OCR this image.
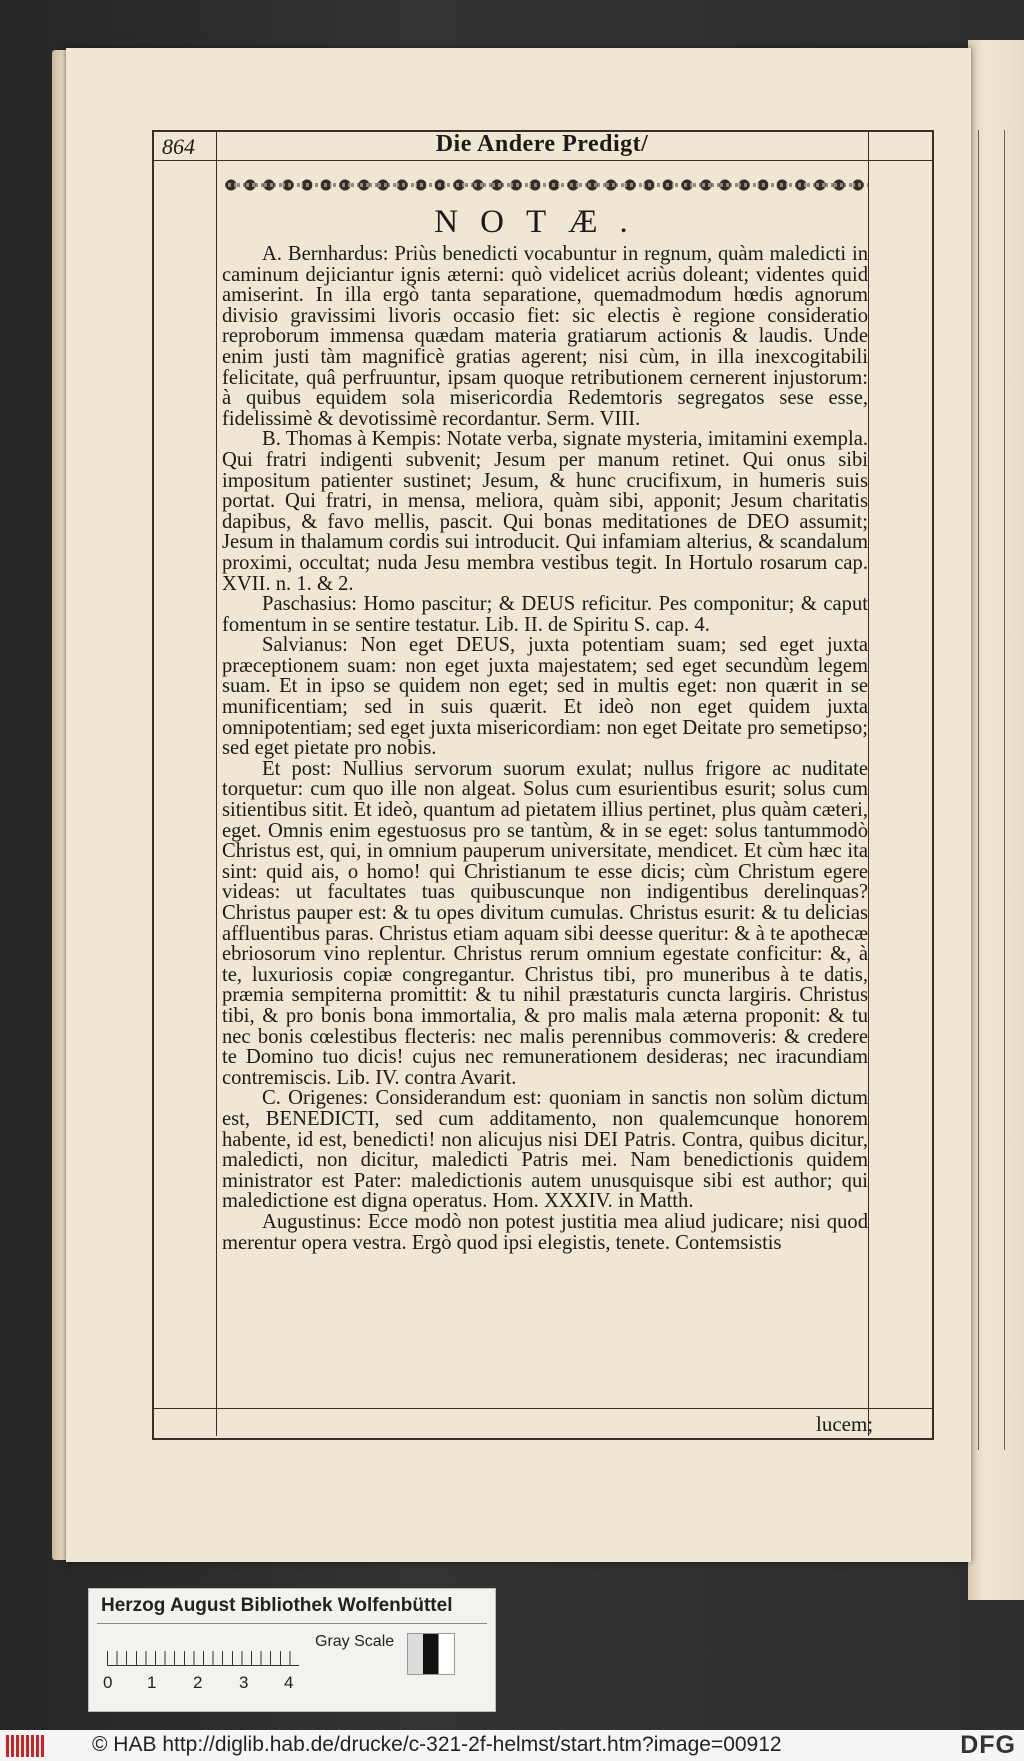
864	Die Andere Predigt/
NOTÆ.

A. Bernhardus: Priùs benedicti vocabuntur in regnum, quàm maledicti in caminum dejiciantur ignis æterni: quò videlicet acriùs doleant; videntes quid amiserint. In illa ergò tanta separatione, quemadmodum hœdis agnorum divisio gravissimi livoris occasio fiet: sic electis è regione consideratio reproborum immensa quædam materia gratiarum actionis & laudis. Unde enim justi tàm magnificè gratias agerent; nisi cùm, in illa inexcogitabili felicitate, quâ perfruuntur, ipsam quoque retributionem cernerent injustorum: à quibus equidem sola misericordia Redemtoris segregatos sese esse, fidelissimè & devotissimè recordantur. Serm. VIII.

B. Thomas à Kempis: Notate verba, signate mysteria, imitamini exempla. Qui fratri indigenti subvenit; Jesum per manum retinet. Qui onus sibi impositum patienter sustinet; Jesum, & hunc crucifixum, in humeris suis portat. Qui fratri, in mensa, meliora, quàm sibi, apponit; Jesum charitatis dapibus, & favo mellis, pascit. Qui bonas meditationes de DEO assumit; Jesum in thalamum cordis sui introducit. Qui infamiam alterius, & scandalum proximi, occultat; nuda Jesu membra vestibus tegit. In Hortulo rosarum cap. XVII. n. 1. & 2.

Paschasius: Homo pascitur; & DEUS reficitur. Pes componitur; & caput fomentum in se sentire testatur. Lib. II. de Spiritu S. cap. 4.

Salvianus: Non eget DEUS, juxta potentiam suam; sed eget juxta præceptionem suam: non eget juxta majestatem; sed eget secundùm legem suam. Et in ipso se quidem non eget; sed in multis eget: non quærit in se munificentiam; sed in suis quærit. Et ideò non eget quidem juxta omnipotentiam; sed eget juxta misericordiam: non eget Deitate pro semetipso; sed eget pietate pro nobis.

Et post: Nullius servorum suorum exulat; nullus frigore ac nuditate torquetur: cum quo ille non algeat. Solus cum esurientibus esurit; solus cum sitientibus sitit. Et ideò, quantum ad pietatem illius pertinet, plus quàm cæteri, eget. Omnis enim egestuosus pro se tantùm, & in se eget: solus tantummodò Christus est, qui, in omnium pauperum universitate, mendicet. Et cùm hæc ita sint: quid ais, o homo! qui Christianum te esse dicis; cùm Christum egere videas: ut facultates tuas quibuscunque non indigentibus derelinquas? Christus pauper est: & tu opes divitum cumulas. Christus esurit: & tu delicias affluentibus paras. Christus etiam aquam sibi deesse queritur: & à te apothecæ ebriosorum vino replentur. Christus rerum omnium egestate conficitur: &, à te, luxuriosis copiæ congregantur. Christus tibi, pro muneribus à te datis, præmia sempiterna promittit: & tu nihil præstaturis cuncta largiris. Christus tibi, & pro bonis bona immortalia, & pro malis mala æterna proponit: & tu nec bonis cœlestibus flecteris: nec malis perennibus commoveris: & credere te Domino tuo dicis! cujus nec remunerationem desideras; nec iracundiam contremiscis. Lib. IV. contra Avarit.

C. Origenes: Considerandum est: quoniam in sanctis non solùm dictum est, BENEDICTI, sed cum additamento, non qualemcunque honorem habente, id est, benedicti! non alicujus nisi DEI Patris. Contra, quibus dicitur, maledicti, non dicitur, maledicti Patris mei. Nam benedictionis quidem ministrator est Pater: maledictionis autem unusquisque sibi est author; qui maledictione est digna operatus. Hom. XXXIV. in Matth.

Augustinus: Ecce modò non potest justitia mea aliud judicare; nisi quod merentur opera vestra. Ergò quod ipsi elegistis, tenete. Contemsistis

lucem;
Herzog August Bibliothek Wolfenbüttel
0 1 2 3 4
Gray Scale
© HAB http://diglib.hab.de/drucke/c-321-2f-helmst/start.htm?image=00912	DFG
